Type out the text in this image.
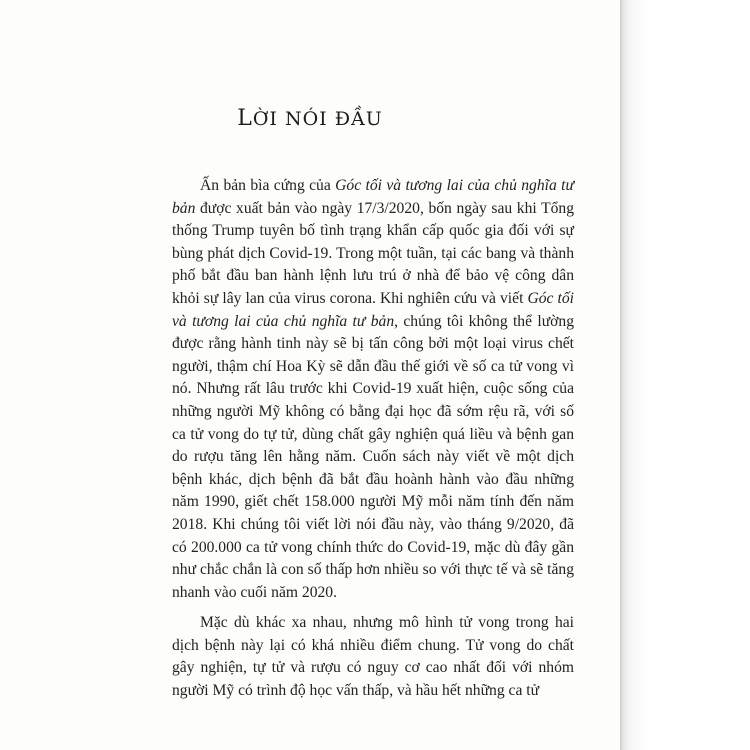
LỜI NÓI ĐẦU

Ấn bản bìa cứng của Góc tối và tương lai của chủ nghĩa tư bản được xuất bản vào ngày 17/3/2020, bốn ngày sau khi Tổng thống Trump tuyên bố tình trạng khẩn cấp quốc gia đối với sự bùng phát dịch Covid-19. Trong một tuần, tại các bang và thành phố bắt đầu ban hành lệnh lưu trú ở nhà để bảo vệ công dân khỏi sự lây lan của virus corona. Khi nghiên cứu và viết Góc tối và tương lai của chủ nghĩa tư bản, chúng tôi không thể lường được rằng hành tinh này sẽ bị tấn công bởi một loại virus chết người, thậm chí Hoa Kỳ sẽ dẫn đầu thế giới về số ca tử vong vì nó. Nhưng rất lâu trước khi Covid-19 xuất hiện, cuộc sống của những người Mỹ không có bằng đại học đã sớm rệu rã, với số ca tử vong do tự tử, dùng chất gây nghiện quá liều và bệnh gan do rượu tăng lên hằng năm. Cuốn sách này viết về một dịch bệnh khác, dịch bệnh đã bắt đầu hoành hành vào đầu những năm 1990, giết chết 158.000 người Mỹ mỗi năm tính đến năm 2018. Khi chúng tôi viết lời nói đầu này, vào tháng 9/2020, đã có 200.000 ca tử vong chính thức do Covid-19, mặc dù đây gần như chắc chắn là con số thấp hơn nhiều so với thực tế và sẽ tăng nhanh vào cuối năm 2020.

Mặc dù khác xa nhau, nhưng mô hình tử vong trong hai dịch bệnh này lại có khá nhiều điểm chung. Tử vong do chất gây nghiện, tự tử và rượu có nguy cơ cao nhất đối với nhóm người Mỹ có trình độ học vấn thấp, và hầu hết những ca tử
